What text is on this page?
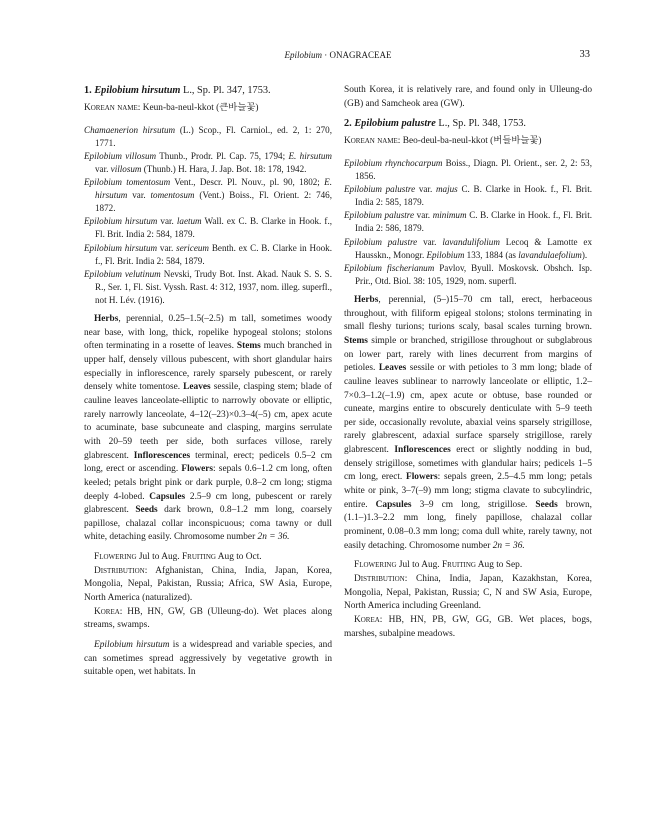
Epilobium · ONAGRACEAE	33

1. Epilobium hirsutum L., Sp. Pl. 347, 1753.

Korean name: Keun-ba-neul-kkot (큰바늘꽃)

Chamaenerion hirsutum (L.) Scop., Fl. Carniol., ed. 2, 1: 270, 1771.

Epilobium villosum Thunb., Prodr. Pl. Cap. 75, 1794; E. hirsutum var. villosum (Thunb.) H. Hara, J. Jap. Bot. 18: 178, 1942.

Epilobium tomentosum Vent., Descr. Pl. Nouv., pl. 90, 1802; E. hirsutum var. tomentosum (Vent.) Boiss., Fl. Orient. 2: 746, 1872.

Epilobium hirsutum var. laetum Wall. ex C. B. Clarke in Hook. f., Fl. Brit. India 2: 584, 1879.

Epilobium hirsutum var. sericeum Benth. ex C. B. Clarke in Hook. f., Fl. Brit. India 2: 584, 1879.

Epilobium velutinum Nevski, Trudy Bot. Inst. Akad. Nauk S. S. S. R., Ser. 1, Fl. Sist. Vyssh. Rast. 4: 312, 1937, nom. illeg. superfl., not H. Lév. (1916).

Herbs, perennial, 0.25–1.5(–2.5) m tall, sometimes woody near base, with long, thick, ropelike hypogeal stolons; stolons often terminating in a rosette of leaves. Stems much branched in upper half, densely villous pubescent, with short glandular hairs especially in inflorescence, rarely sparsely pubescent, or rarely densely white tomentose. Leaves sessile, clasping stem; blade of cauline leaves lanceolate-elliptic to narrowly obovate or elliptic, rarely narrowly lanceolate, 4–12(–23)×0.3–4(–5) cm, apex acute to acuminate, base subcuneate and clasping, margins serrulate with 20–59 teeth per side, both surfaces villose, rarely glabrescent. Inflorescences terminal, erect; pedicels 0.5–2 cm long, erect or ascending. Flowers: sepals 0.6–1.2 cm long, often keeled; petals bright pink or dark purple, 0.8–2 cm long; stigma deeply 4-lobed. Capsules 2.5–9 cm long, pubescent or rarely glabrescent. Seeds dark brown, 0.8–1.2 mm long, coarsely papillose, chalazal collar inconspicuous; coma tawny or dull white, detaching easily. Chromosome number 2n = 36.

Flowering Jul to Aug. Fruiting Aug to Oct.

Distribution: Afghanistan, China, India, Japan, Korea, Mongolia, Nepal, Pakistan, Russia; Africa, SW Asia, Europe, North America (naturalized).

Korea: HB, HN, GW, GB (Ulleung-do). Wet places along streams, swamps.

Epilobium hirsutum is a widespread and variable species, and can sometimes spread aggressively by vegetative growth in suitable open, wet habitats. In

South Korea, it is relatively rare, and found only in Ulleung-do (GB) and Samcheok area (GW).

2. Epilobium palustre L., Sp. Pl. 348, 1753.

Korean name: Beo-deul-ba-neul-kkot (버들바늘꽃)

Epilobium rhynchocarpum Boiss., Diagn. Pl. Orient., ser. 2, 2: 53, 1856.

Epilobium palustre var. majus C. B. Clarke in Hook. f., Fl. Brit. India 2: 585, 1879.

Epilobium palustre var. minimum C. B. Clarke in Hook. f., Fl. Brit. India 2: 586, 1879.

Epilobium palustre var. lavandulifolium Lecoq & Lamotte ex Hausskn., Monogr. Epilobium 133, 1884 (as lavandulaefolium).

Epilobium fischerianum Pavlov, Byull. Moskovsk. Obshch. Isp. Prir., Otd. Biol. 38: 105, 1929, nom. superfl.

Herbs, perennial, (5–)15–70 cm tall, erect, herbaceous throughout, with filiform epigeal stolons; stolons terminating in small fleshy turions; turions scaly, basal scales turning brown. Stems simple or branched, strigillose throughout or subglabrous on lower part, rarely with lines decurrent from margins of petioles. Leaves sessile or with petioles to 3 mm long; blade of cauline leaves sublinear to narrowly lanceolate or elliptic, 1.2–7×0.3–1.2(–1.9) cm, apex acute or obtuse, base rounded or cuneate, margins entire to obscurely denticulate with 5–9 teeth per side, occasionally revolute, abaxial veins sparsely strigillose, rarely glabrescent, adaxial surface sparsely strigillose, rarely glabrescent. Inflorescences erect or slightly nodding in bud, densely strigillose, sometimes with glandular hairs; pedicels 1–5 cm long, erect. Flowers: sepals green, 2.5–4.5 mm long; petals white or pink, 3–7(–9) mm long; stigma clavate to subcylindric, entire. Capsules 3–9 cm long, strigillose. Seeds brown, (1.1–)1.3–2.2 mm long, finely papillose, chalazal collar prominent, 0.08–0.3 mm long; coma dull white, rarely tawny, not easily detaching. Chromosome number 2n = 36.

Flowering Jul to Aug. Fruiting Aug to Sep.

Distribution: China, India, Japan, Kazakhstan, Korea, Mongolia, Nepal, Pakistan, Russia; C, N and SW Asia, Europe, North America including Greenland.

Korea: HB, HN, PB, GW, GG, GB. Wet places, bogs, marshes, subalpine meadows.
